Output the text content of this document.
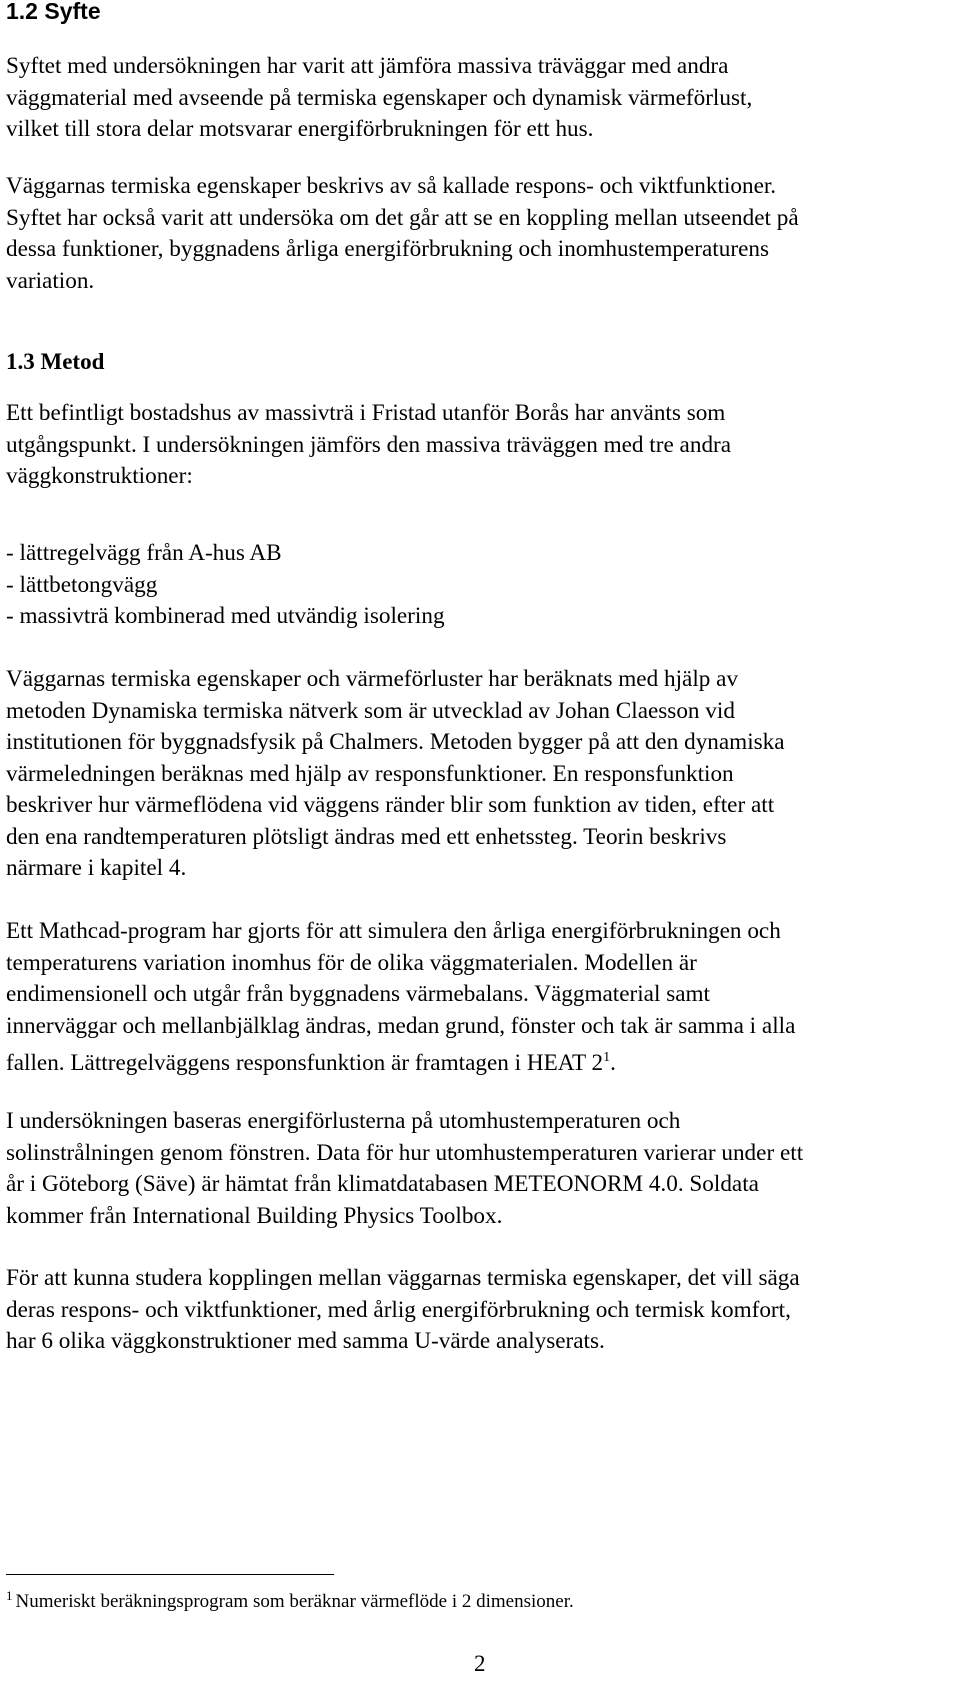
1.2 Syfte
Syftet med undersökningen har varit att jämföra massiva träväggar med andra
väggmaterial med avseende på termiska egenskaper och dynamisk värmeförlust,
vilket till stora delar motsvarar energiförbrukningen för ett hus.
Väggarnas termiska egenskaper beskrivs av så kallade respons- och viktfunktioner.
Syftet har också varit att undersöka om det går att se en koppling mellan utseendet på
dessa funktioner, byggnadens årliga energiförbrukning och inomhustemperaturens
variation.
1.3 Metod
Ett befintligt bostadshus av massivträ i Fristad utanför Borås har använts som
utgångspunkt. I undersökningen jämförs den massiva träväggen med tre andra
väggkonstruktioner:
- lättregelvägg från A-hus AB
- lättbetongvägg
- massivträ kombinerad med utvändig isolering
Väggarnas termiska egenskaper och värmeförluster har beräknats med hjälp av
metoden Dynamiska termiska nätverk som är utvecklad av Johan Claesson vid
institutionen för byggnadsfysik på Chalmers. Metoden bygger på att den dynamiska
värmeledningen beräknas med hjälp av responsfunktioner. En responsfunktion
beskriver hur värmeflödena vid väggens ränder blir som funktion av tiden, efter att
den ena randtemperaturen plötsligt ändras med ett enhetssteg. Teorin beskrivs
närmare i kapitel 4.
Ett Mathcad-program har gjorts för att simulera den årliga energiförbrukningen och
temperaturens variation inomhus för de olika väggmaterialen. Modellen är
endimensionell och utgår från byggnadens värmebalans. Väggmaterial samt
innerväggar och mellanbjälklag ändras, medan grund, fönster och tak är samma i alla
fallen. Lättregelväggens responsfunktion är framtagen i HEAT 2$^1$.
I undersökningen baseras energiförlusterna på utomhustemperaturen och
solinstrålningen genom fönstren. Data för hur utomhustemperaturen varierar under ett
år i Göteborg (Säve) är hämtat från klimatdatabasen METEONORM 4.0. Soldata
kommer från International Building Physics Toolbox.
För att kunna studera kopplingen mellan väggarnas termiska egenskaper, det vill säga
deras respons- och viktfunktioner, med årlig energiförbrukning och termisk komfort,
har 6 olika väggkonstruktioner med samma U-värde analyserats.
$^1$ Numeriskt beräkningsprogram som beräknar värmeflöde i 2 dimensioner.
2
